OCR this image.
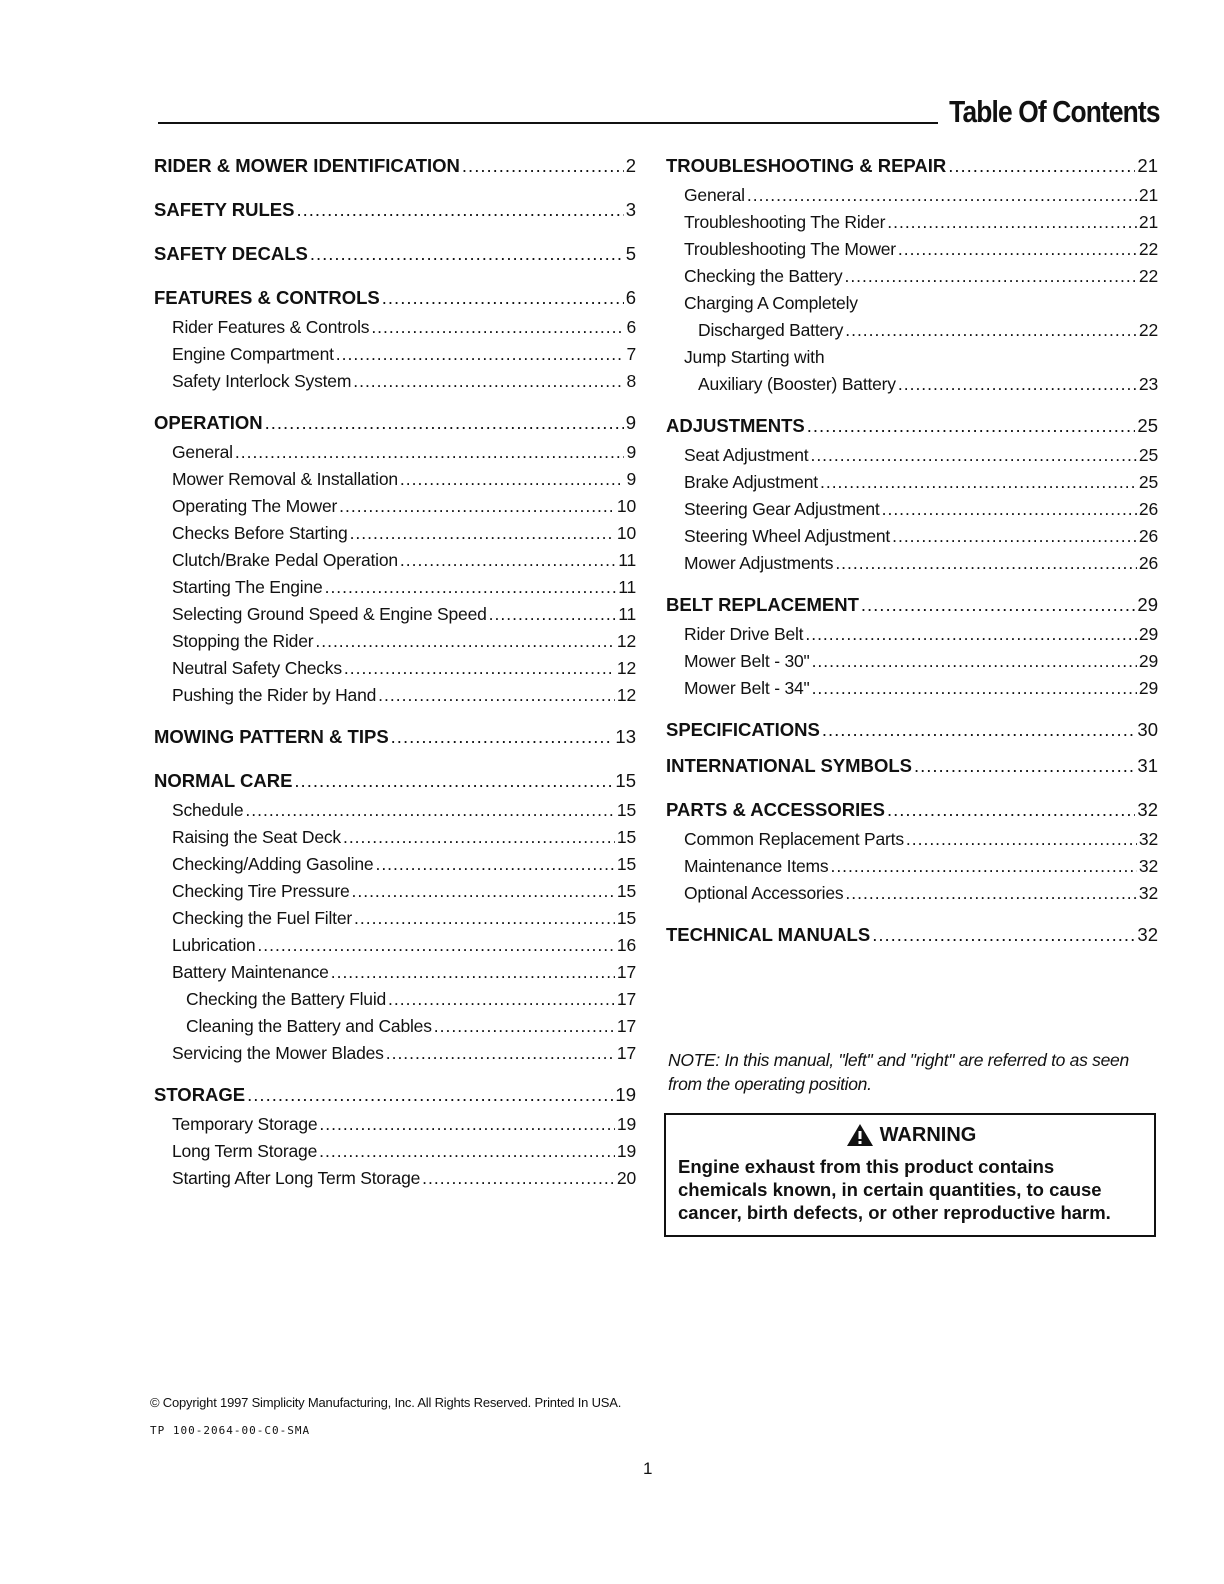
Table Of Contents
RIDER & MOWER IDENTIFICATION .....	2
SAFETY RULES .....	3
SAFETY DECALS .....	5
FEATURES & CONTROLS .....	6
Rider Features & Controls .....	6
Engine Compartment .....	7
Safety Interlock System .....	8
OPERATION .....	9
General .....	9
Mower Removal & Installation .....	9
Operating The Mower .....	10
Checks Before Starting .....	10
Clutch/Brake Pedal Operation .....	11
Starting The Engine .....	11
Selecting Ground Speed & Engine Speed .....	11
Stopping the Rider .....	12
Neutral Safety Checks .....	12
Pushing the Rider by Hand .....	12
MOWING PATTERN & TIPS .....	13
NORMAL CARE .....	15
Schedule .....	15
Raising the Seat Deck .....	15
Checking/Adding Gasoline .....	15
Checking Tire Pressure .....	15
Checking the Fuel Filter .....	15
Lubrication .....	16
Battery Maintenance .....	17
Checking the Battery Fluid .....	17
Cleaning the Battery and Cables .....	17
Servicing the Mower Blades .....	17
STORAGE .....	19
Temporary Storage .....	19
Long Term Storage .....	19
Starting After Long Term Storage .....	20
TROUBLESHOOTING & REPAIR .....	21
General .....	21
Troubleshooting The Rider .....	21
Troubleshooting The Mower .....	22
Checking the Battery .....	22
Charging A Completely
Discharged Battery .....	22
Jump Starting with
Auxiliary (Booster) Battery .....	23
ADJUSTMENTS .....	25
Seat Adjustment .....	25
Brake Adjustment .....	25
Steering Gear Adjustment .....	26
Steering Wheel Adjustment .....	26
Mower Adjustments .....	26
BELT REPLACEMENT .....	29
Rider Drive Belt .....	29
Mower Belt - 30" .....	29
Mower Belt - 34" .....	29
SPECIFICATIONS .....	30
INTERNATIONAL SYMBOLS .....	31
PARTS & ACCESSORIES .....	32
Common Replacement Parts .....	32
Maintenance Items .....	32
Optional Accessories .....	32
TECHNICAL MANUALS .....	32
NOTE: In this manual, "left" and "right" are referred to as seen from the operating position.
WARNING
Engine exhaust from this product contains chemicals known, in certain quantities, to cause cancer, birth defects, or other reproductive harm.
© Copyright 1997 Simplicity Manufacturing, Inc. All Rights Reserved. Printed In USA.
TP 100-2064-00-C0-SMA
1
